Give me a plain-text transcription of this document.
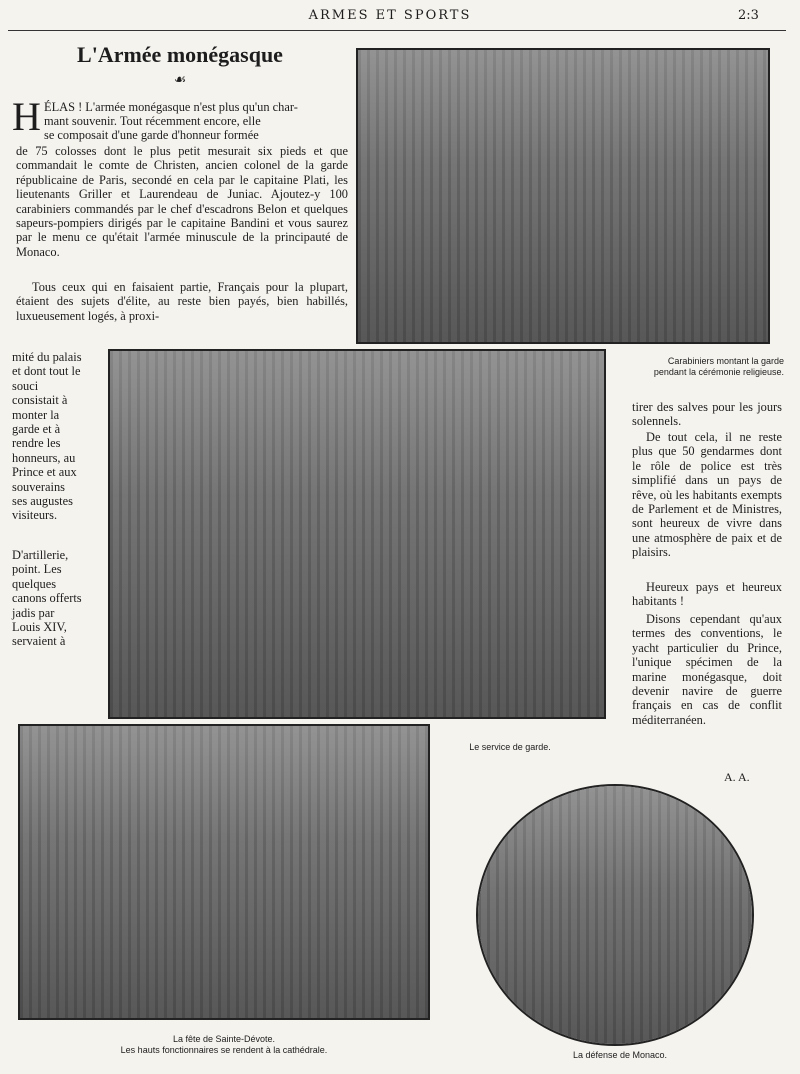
ARMES ET SPORTS	2:3
L'Armée monégasque
☙
H ÉLAS ! L'armée monégasque n'est plus qu'un char-
mant souvenir. Tout récemment encore, elle
se composait d'une garde d'honneur formée
de 75 colosses dont le plus petit mesurait six pieds et que commandait le comte de Christen, ancien colonel de la garde républicaine de Paris, secondé en cela par le capitaine Plati, les lieutenants Griller et Laurendeau de Juniac. Ajoutez-y 100 carabiniers commandés par le chef d'escadrons Belon et quelques sapeurs-pompiers dirigés par le capitaine Bandini et vous saurez par le menu ce qu'était l'armée minuscule de la principauté de Monaco.
Tous ceux qui en faisaient partie, Français pour la plupart, étaient des sujets d'élite, au reste bien payés, bien habillés, luxueusement logés, à proxi-
Carabiniers montant la garde
pendant la cérémonie religieuse.
mité du palais et dont tout le souci consistait à monter la garde et à rendre les honneurs, au Prince et aux souverains ses augustes visiteurs.
D'artillerie, point. Les quelques canons offerts jadis par Louis XIV, servaient à
tirer des salves pour les jours solennels.
De tout cela, il ne reste plus que 50 gendarmes dont le rôle de police est très simplifié dans un pays de rêve, où les habitants exempts de Parlement et de Ministres, sont heureux de vivre dans une atmosphère de paix et de plaisirs.
Heureux pays et heureux habitants !
Disons cependant qu'aux termes des conventions, le yacht particulier du Prince, l'unique spécimen de la marine monégasque, doit devenir navire de guerre français en cas de conflit méditerranéen.
A. A.
Le service de garde.
La fête de Sainte-Dévote.
Les hauts fonctionnaires se rendent à la cathédrale.	La défense de Monaco.
